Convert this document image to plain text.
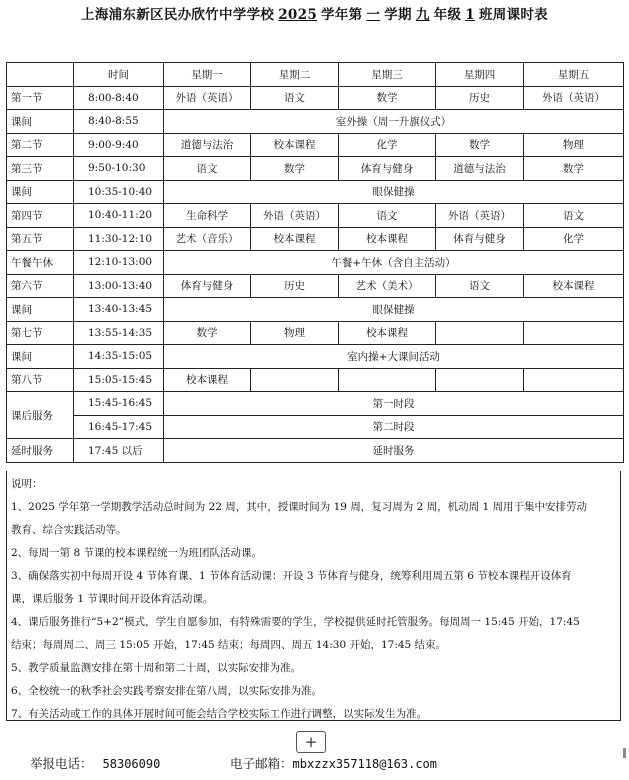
上海浦东新区民办欣竹中学学校 2025 学年第 一 学期 九 年级 1 班周课时表
	时间	星期一	星期二	星期三	星期四	星期五
第一节	8:00-8:40	外语（英语）	语文	数学	历史	外语（英语）
课间	8:40-8:55	室外操（周一升旗仪式）				
第二节	9:00-9:40	道德与法治	校本课程	化学	数学	物理
第三节	9:50-10:30	语文	数学	体育与健身	道德与法治	数学
课间	10:35-10:40	眼保健操				
第四节	10:40-11:20	生命科学	外语（英语）	语文	外语（英语）	语文
第五节	11:30-12:10	艺术（音乐）	校本课程	校本课程	体育与健身	化学
午餐午休	12:10-13:00	午餐+午休（含自主活动）				
第六节	13:00-13:40	体育与健身	历史	艺术（美术）	语文	校本课程
课间	13:40-13:45	眼保健操				
第七节	13:55-14:35	数学	物理	校本课程		
课间	14:35-15:05	室内操+大课间活动				
第八节	15:05-15:45	校本课程				
课后服务	15:45-16:45	第一时段				
	16:45-17:45	第二时段				
延时服务	17:45 以后	延时服务				

说明：

1、2025 学年第一学期教学活动总时间为 22 周，其中，授课时间为 19 周，复习周为 2 周，机动周 1 周用于集中安排劳动

教育、综合实践活动等。

2、每周一第 8 节课的校本课程统一为班团队活动课。

3、确保落实初中每周开设 4 节体育课、1 节体育活动课：开设 3 节体育与健身，统筹利用周五第 6 节校本课程开设体育

课，课后服务 1 节课时间开设体育活动课。

4、课后服务推行“5+2”模式，学生自愿参加，有特殊需要的学生，学校提供延时托管服务。每周周一 15:45 开始，17:45

结束；每周周二、周三 15:05 开始，17:45 结束；每周四、周五 14:30 开始，17:45 结束。

5、教学质量监测安排在第十周和第二十周，以实际安排为准。

6、全校统一的秋季社会实践考察安排在第八周，以实际安排为准。

7、有关活动或工作的具体开展时间可能会结合学校实际工作进行调整，以实际发生为准。

+
举报电话： 58306090	电子邮箱：mbxzzx357118@163.com
